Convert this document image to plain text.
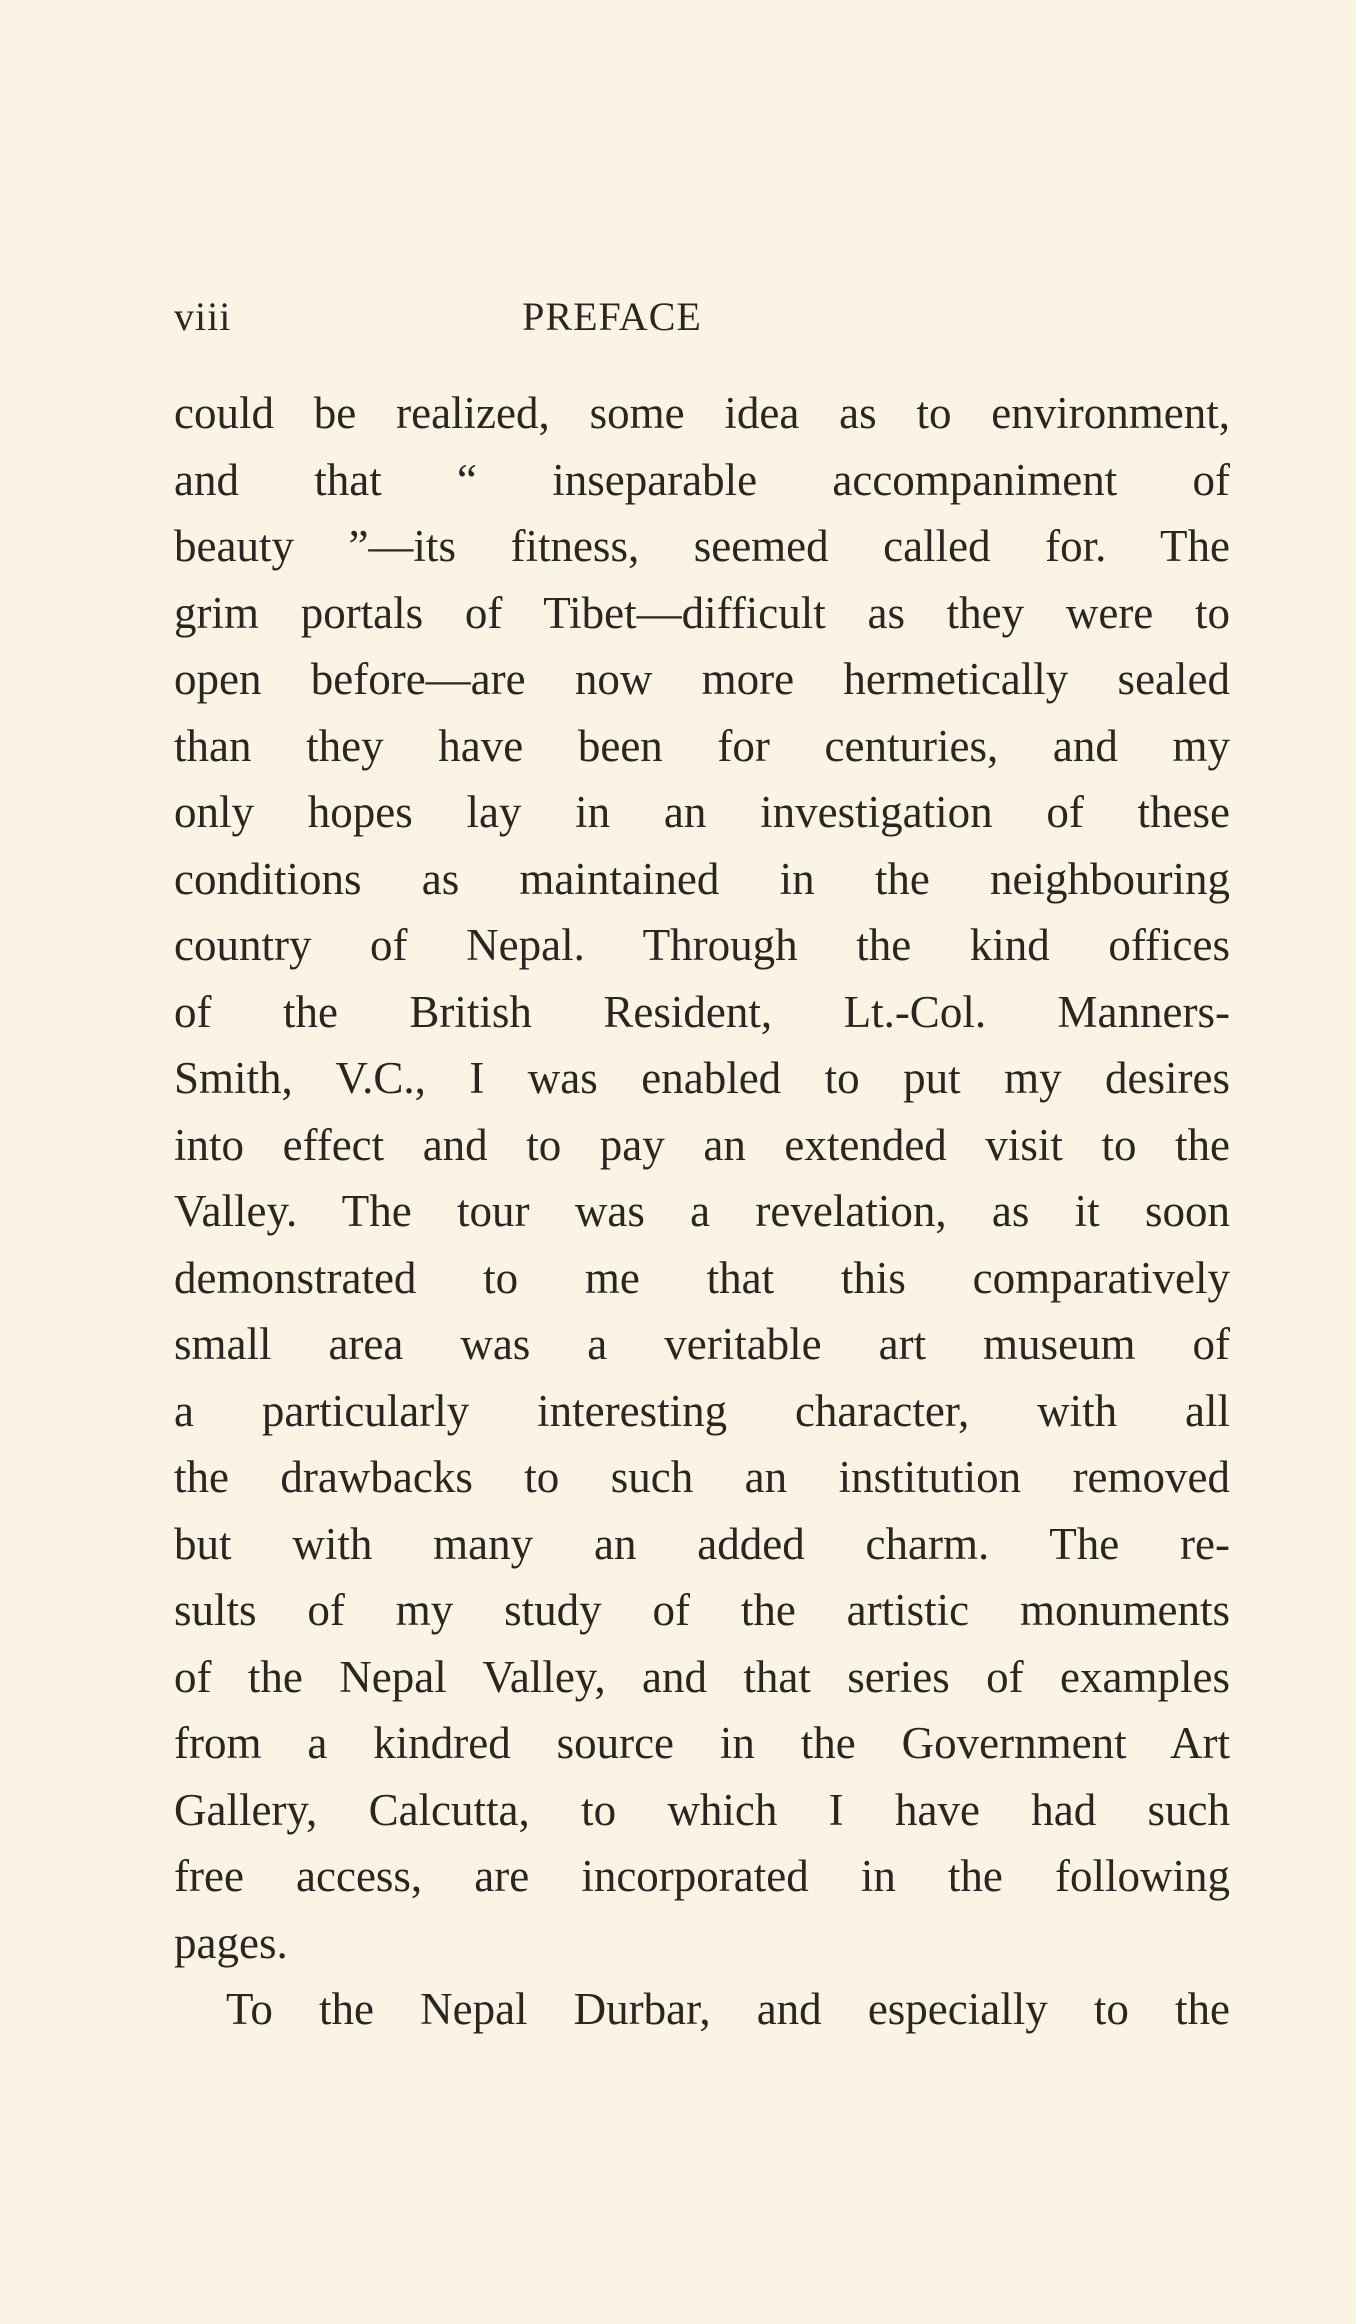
viii	PREFACE
could be realized, some idea as to environment,
and that “ inseparable accompaniment of
beauty ”—its fitness, seemed called for. The
grim portals of Tibet—difficult as they were to
open before—are now more hermetically sealed
than they have been for centuries, and my
only hopes lay in an investigation of these
conditions as maintained in the neighbouring
country of Nepal. Through the kind offices
of the British Resident, Lt.-Col. Manners-
Smith, V.C., I was enabled to put my desires
into effect and to pay an extended visit to the
Valley. The tour was a revelation, as it soon
demonstrated to me that this comparatively
small area was a veritable art museum of
a particularly interesting character, with all
the drawbacks to such an institution removed
but with many an added charm. The re-
sults of my study of the artistic monuments
of the Nepal Valley, and that series of examples
from a kindred source in the Government Art
Gallery, Calcutta, to which I have had such
free access, are incorporated in the following
pages.
To the Nepal Durbar, and especially to the
